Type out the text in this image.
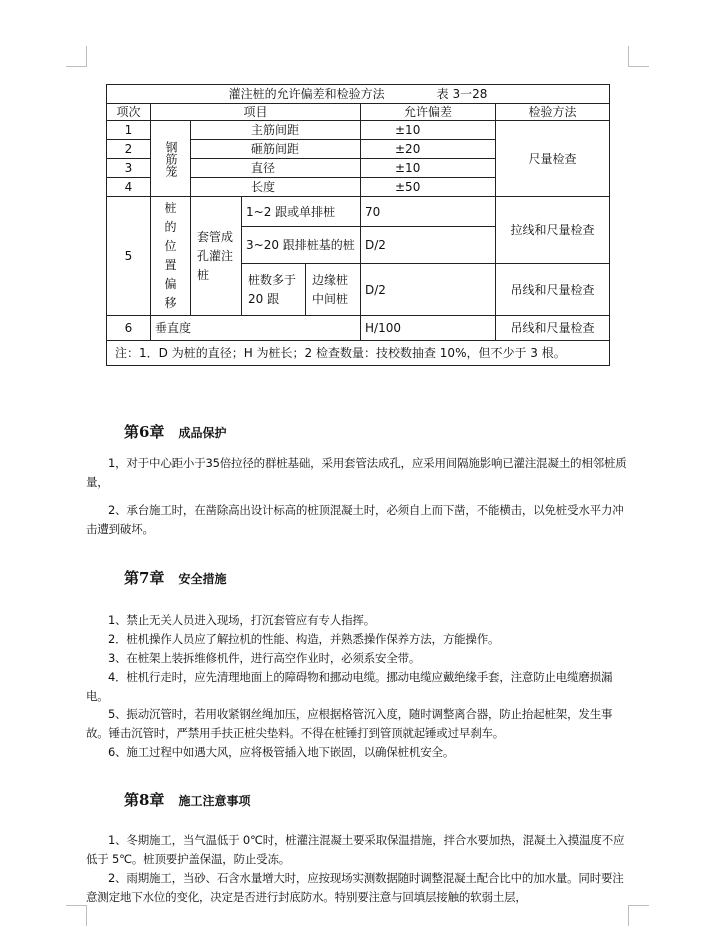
灌注桩的允许偏差和检验方法 表 3一28						
项次	项目				允许偏差	检验方法
1	钢筋笼	主筋间距			±10	尺量检查
2		砸筋间距			±20	
3		直径			±10	
4		长度			±50	
5	桩的位置偏移	套管成孔灌注桩	1~2 跟或单排桩		70	拉线和尺量检查
			3~20 跟排桩基的桩		D/2	

			桩数多于 20 跟	边缘桩中间桩	D/2	吊线和尺量检查
6	垂直度				H/100	吊线和尺量检查
注：1．D 为桩的直径；H 为桩长；2 检查数量：技校数抽查 10%，但不少于 3 根。						
第6章 成品保护

1，对于中心距小于35倍拉径的群桩基础，采用套管法成孔，应采用间隔施影响已灌注混凝土的相邻桩质量，

2、承台施工时，在凿除高出设计标高的桩顶混凝土时，必须自上而下凿，不能横击，以免桩受水平力冲击遭到破坏。

第7章 安全措施

1、禁止无关人员进入现场，打沉套管应有专人指挥。

2．桩机操作人员应了解拉机的性能、构造，并熟悉操作保养方法，方能操作。

3、在桩架上装拆维修机件，进行高空作业时，必须系安全带。

4．桩机行走时，应先清理地面上的障碍物和挪动电缆。挪动电缆应戴绝缘手套，注意防止电缆磨损漏电。

5、振动沉管时，若用收紧钢丝绳加压，应根据格管沉入度，随时调整离合器，防止抬起桩架，发生事故。锤击沉管时，严禁用手扶正桩尖垫料。不得在桩锤打到管顶就起锤或过早刹车。

6、施工过程中如遇大风，应将极管插入地下嵌固，以确保桩机安全。

第8章 施工注意事项

1、冬期施工，当气温低于 0℃时，桩灌注混凝土要采取保温措施，拌合水要加热，混凝土入摸温度不应低于 5℃。桩顶要护盖保温，防止受冻。

2、雨期施工，当砂、石含水量增大时，应按现场实测数据随时调整混凝土配合比中的加水量。同时要注意测定地下水位的变化，决定是否进行封底防水。特别要注意与回填层接触的软弱土层，
